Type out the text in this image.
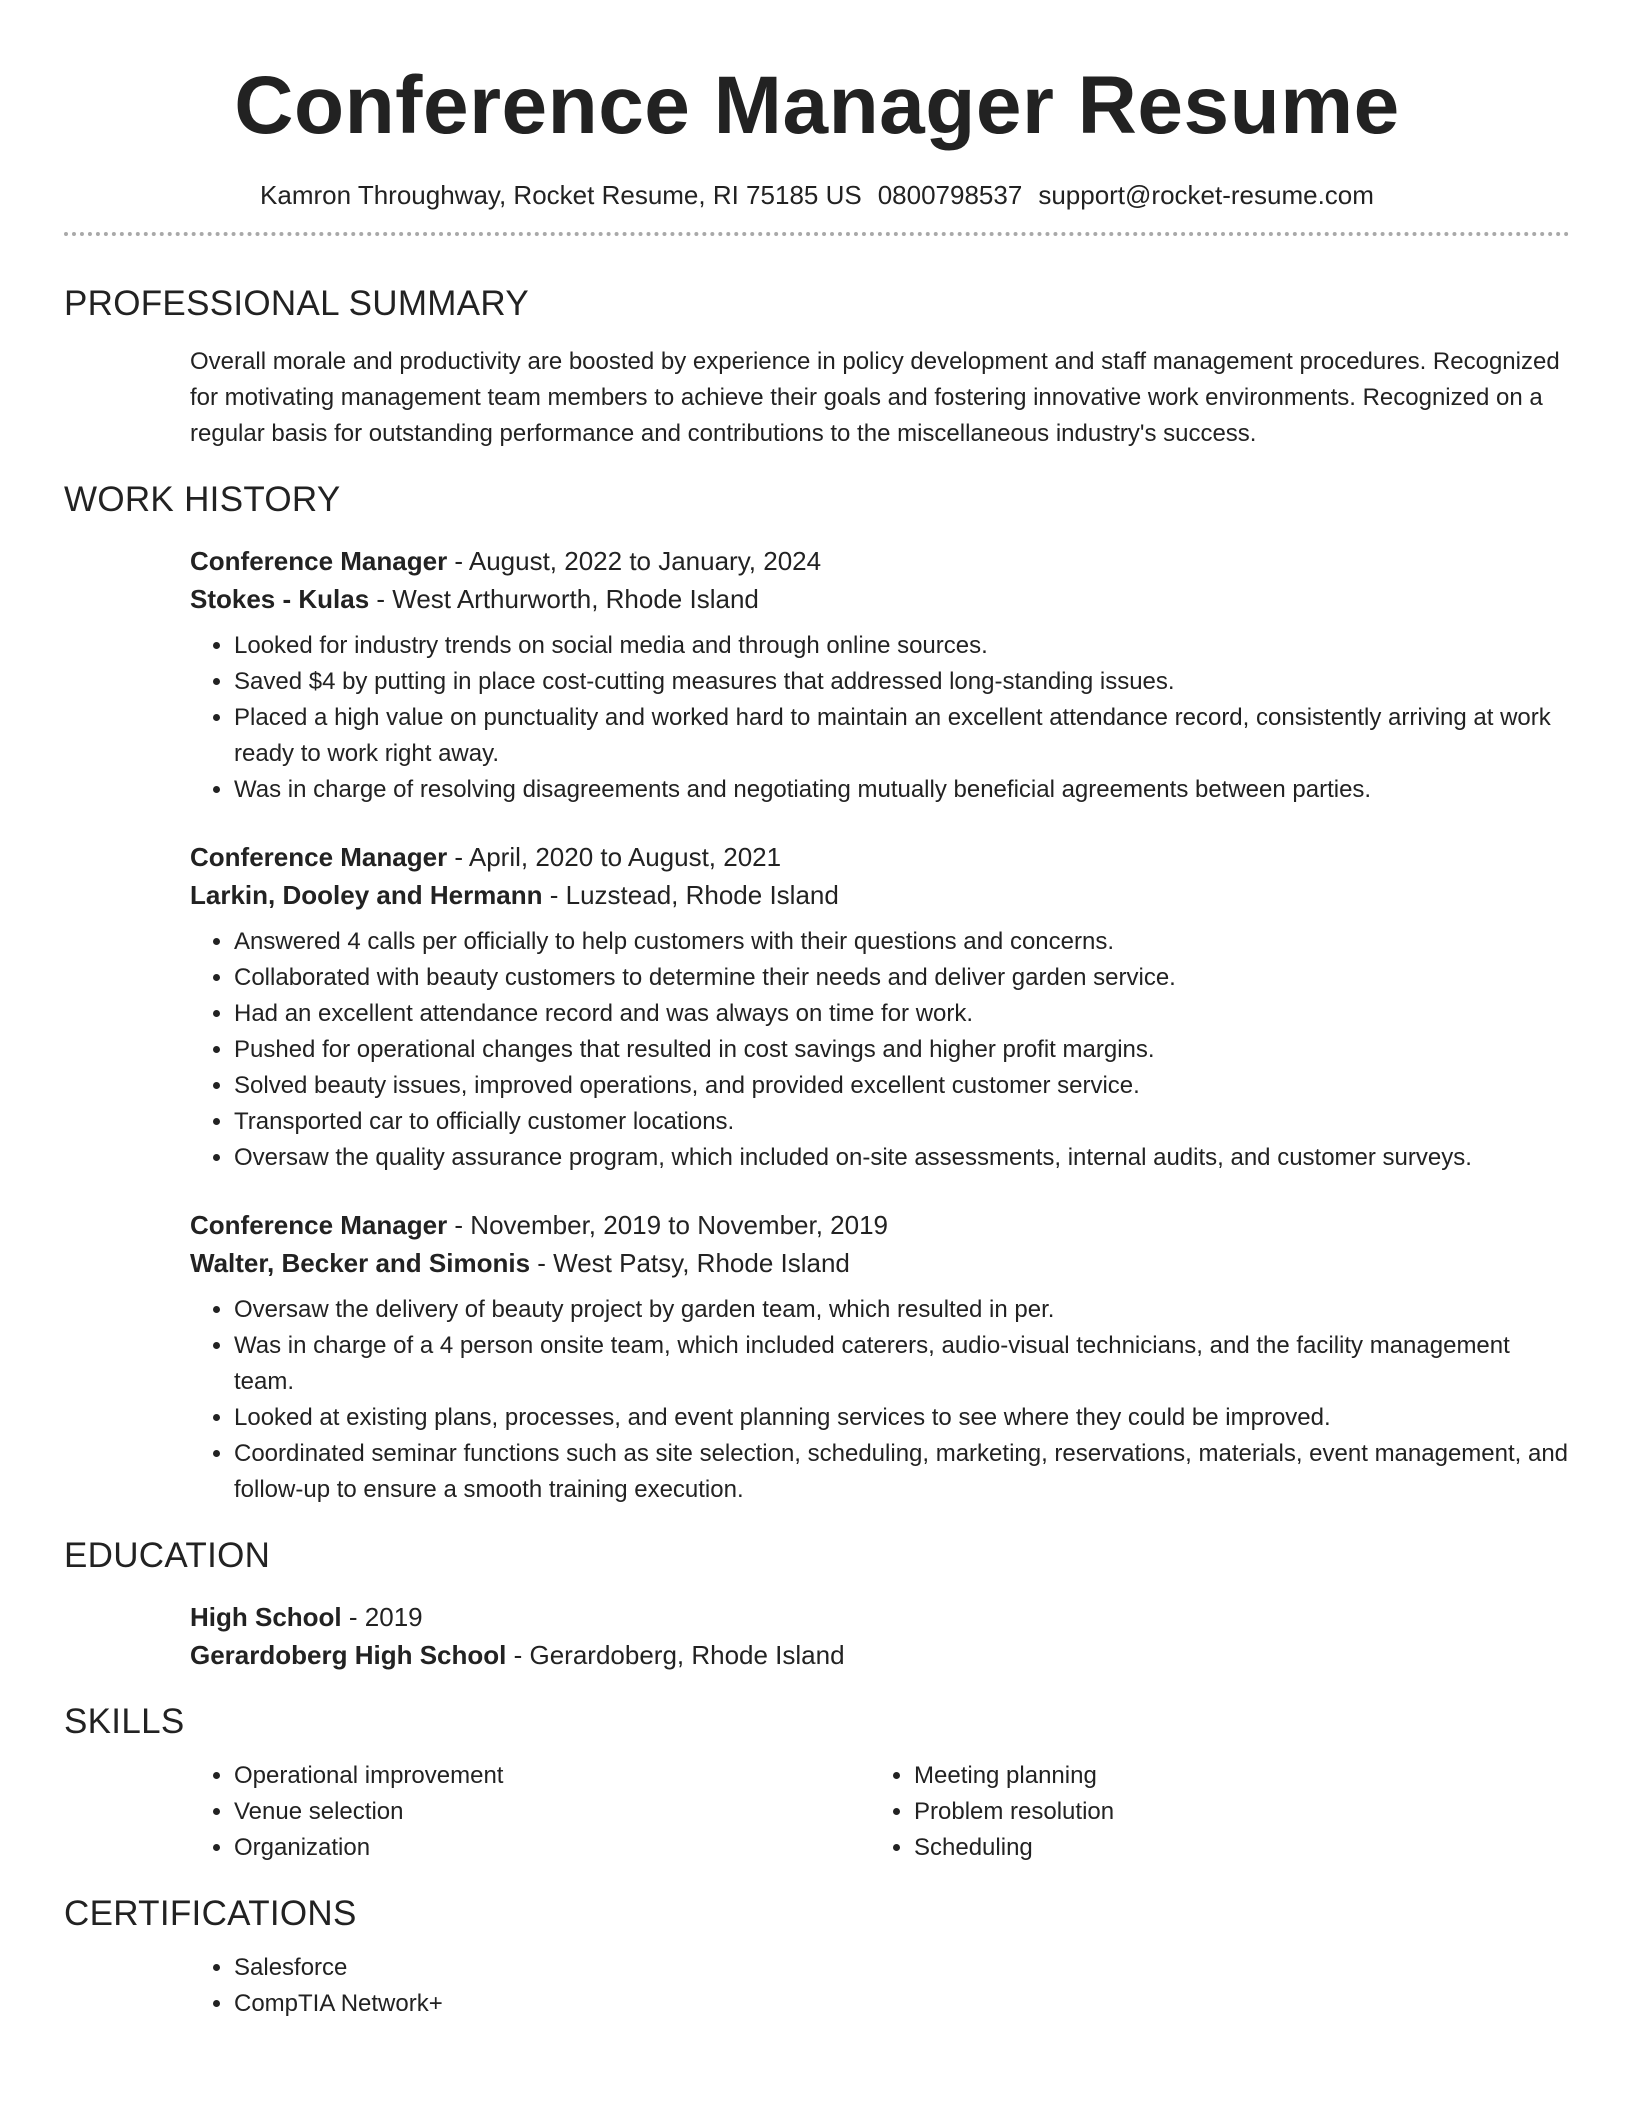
Conference Manager Resume
Kamron Throughway, Rocket Resume, RI 75185 US 0800798537 support@rocket-resume.com
PROFESSIONAL SUMMARY
Overall morale and productivity are boosted by experience in policy development and staff management procedures. Recognized for motivating management team members to achieve their goals and fostering innovative work environments. Recognized on a regular basis for outstanding performance and contributions to the miscellaneous industry's success.
WORK HISTORY
Conference Manager - August, 2022 to January, 2024
Stokes - Kulas - West Arthurworth, Rhode Island
• Looked for industry trends on social media and through online sources.
• Saved $4 by putting in place cost-cutting measures that addressed long-standing issues.
• Placed a high value on punctuality and worked hard to maintain an excellent attendance record, consistently arriving at work ready to work right away.
• Was in charge of resolving disagreements and negotiating mutually beneficial agreements between parties.
Conference Manager - April, 2020 to August, 2021
Larkin, Dooley and Hermann - Luzstead, Rhode Island
• Answered 4 calls per officially to help customers with their questions and concerns.
• Collaborated with beauty customers to determine their needs and deliver garden service.
• Had an excellent attendance record and was always on time for work.
• Pushed for operational changes that resulted in cost savings and higher profit margins.
• Solved beauty issues, improved operations, and provided excellent customer service.
• Transported car to officially customer locations.
• Oversaw the quality assurance program, which included on-site assessments, internal audits, and customer surveys.
Conference Manager - November, 2019 to November, 2019
Walter, Becker and Simonis - West Patsy, Rhode Island
• Oversaw the delivery of beauty project by garden team, which resulted in per.
• Was in charge of a 4 person onsite team, which included caterers, audio-visual technicians, and the facility management team.
• Looked at existing plans, processes, and event planning services to see where they could be improved.
• Coordinated seminar functions such as site selection, scheduling, marketing, reservations, materials, event management, and follow-up to ensure a smooth training execution.
EDUCATION
High School - 2019
Gerardoberg High School - Gerardoberg, Rhode Island
SKILLS
• Operational improvement
• Venue selection
• Organization
• Meeting planning
• Problem resolution
• Scheduling
CERTIFICATIONS
• Salesforce
• CompTIA Network+
